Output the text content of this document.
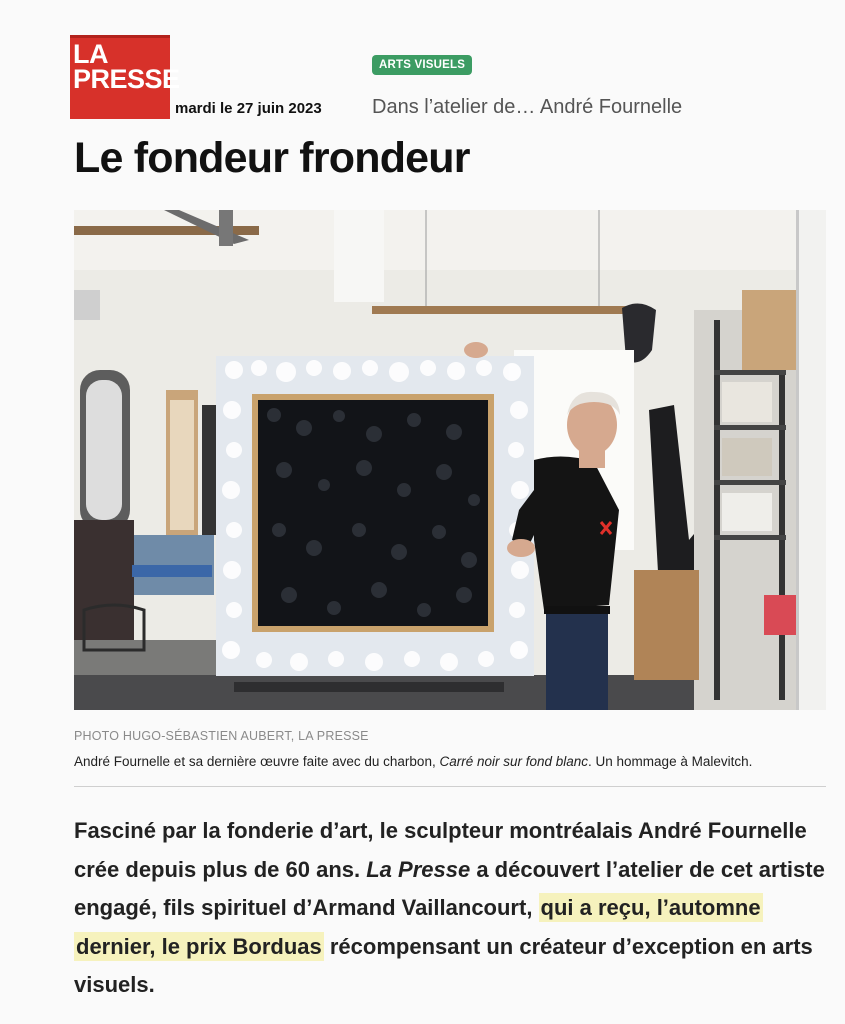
LA
PRESSE
mardi le 27 juin 2023
ARTS VISUELS
Dans l’atelier de… André Fournelle
Le fondeur frondeur
PHOTO HUGO-SÉBASTIEN AUBERT, LA PRESSE
André Fournelle et sa dernière œuvre faite avec du charbon, Carré noir sur fond blanc. Un hommage à Malevitch.

Fasciné par la fonderie d’art, le sculpteur montréalais André Fournelle crée depuis plus de 60 ans. La Presse a découvert l’atelier de cet artiste engagé, fils spirituel d’Armand Vaillancourt, qui a reçu, l’automne dernier, le prix Borduas récompensant un créateur d’exception en arts visuels.
